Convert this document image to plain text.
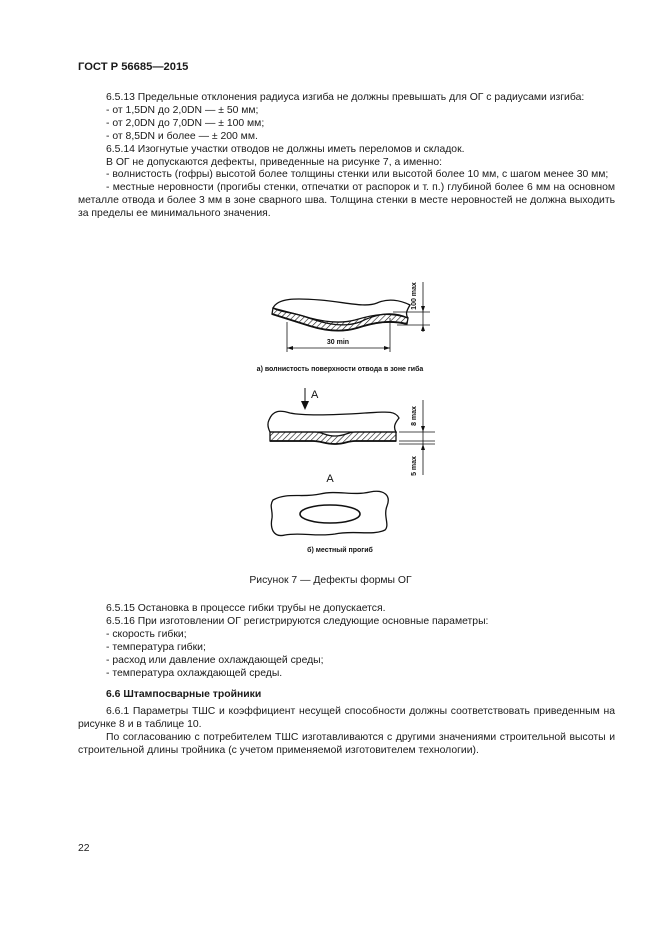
ГОСТ Р 56685—2015

6.5.13 Предельные отклонения радиуса изгиба не должны превышать для ОГ с радиусами изгиба:

- от 1,5DN до 2,0DN — ± 50 мм;

- от 2,0DN до 7,0DN — ± 100 мм;

- от 8,5DN и более — ± 200 мм.

6.5.14 Изогнутые участки отводов не должны иметь переломов и складок.

В ОГ не допускаются дефекты, приведенные на рисунке 7, а именно:

- волнистость (гофры) высотой более толщины стенки или высотой более 10 мм, с шагом менее 30 мм;

- местные неровности (прогибы стенки, отпечатки от распорок и т. п.) глубиной более 6 мм на основном металле отвода и более 3 мм в зоне сварного шва. Толщина стенки в месте неровностей не должна выходить за пределы ее минимального значения.

30 min
100 max
а) волнистость поверхности отвода в зоне гиба
А
8 max
5 max
А
б) местный прогиб
Рисунок 7 — Дефекты формы ОГ

6.5.15 Остановка в процессе гибки трубы не допускается.

6.5.16 При изготовлении ОГ регистрируются следующие основные параметры:

- скорость гибки;

- температура гибки;

- расход или давление охлаждающей среды;

- температура охлаждающей среды.

6.6 Штампосварные тройники

6.6.1 Параметры ТШС и коэффициент несущей способности должны соответствовать приведенным на рисунке 8 и в таблице 10.

По согласованию с потребителем ТШС изготавливаются с другими значениями строительной высоты и строительной длины тройника (с учетом применяемой изготовителем технологии).

22
